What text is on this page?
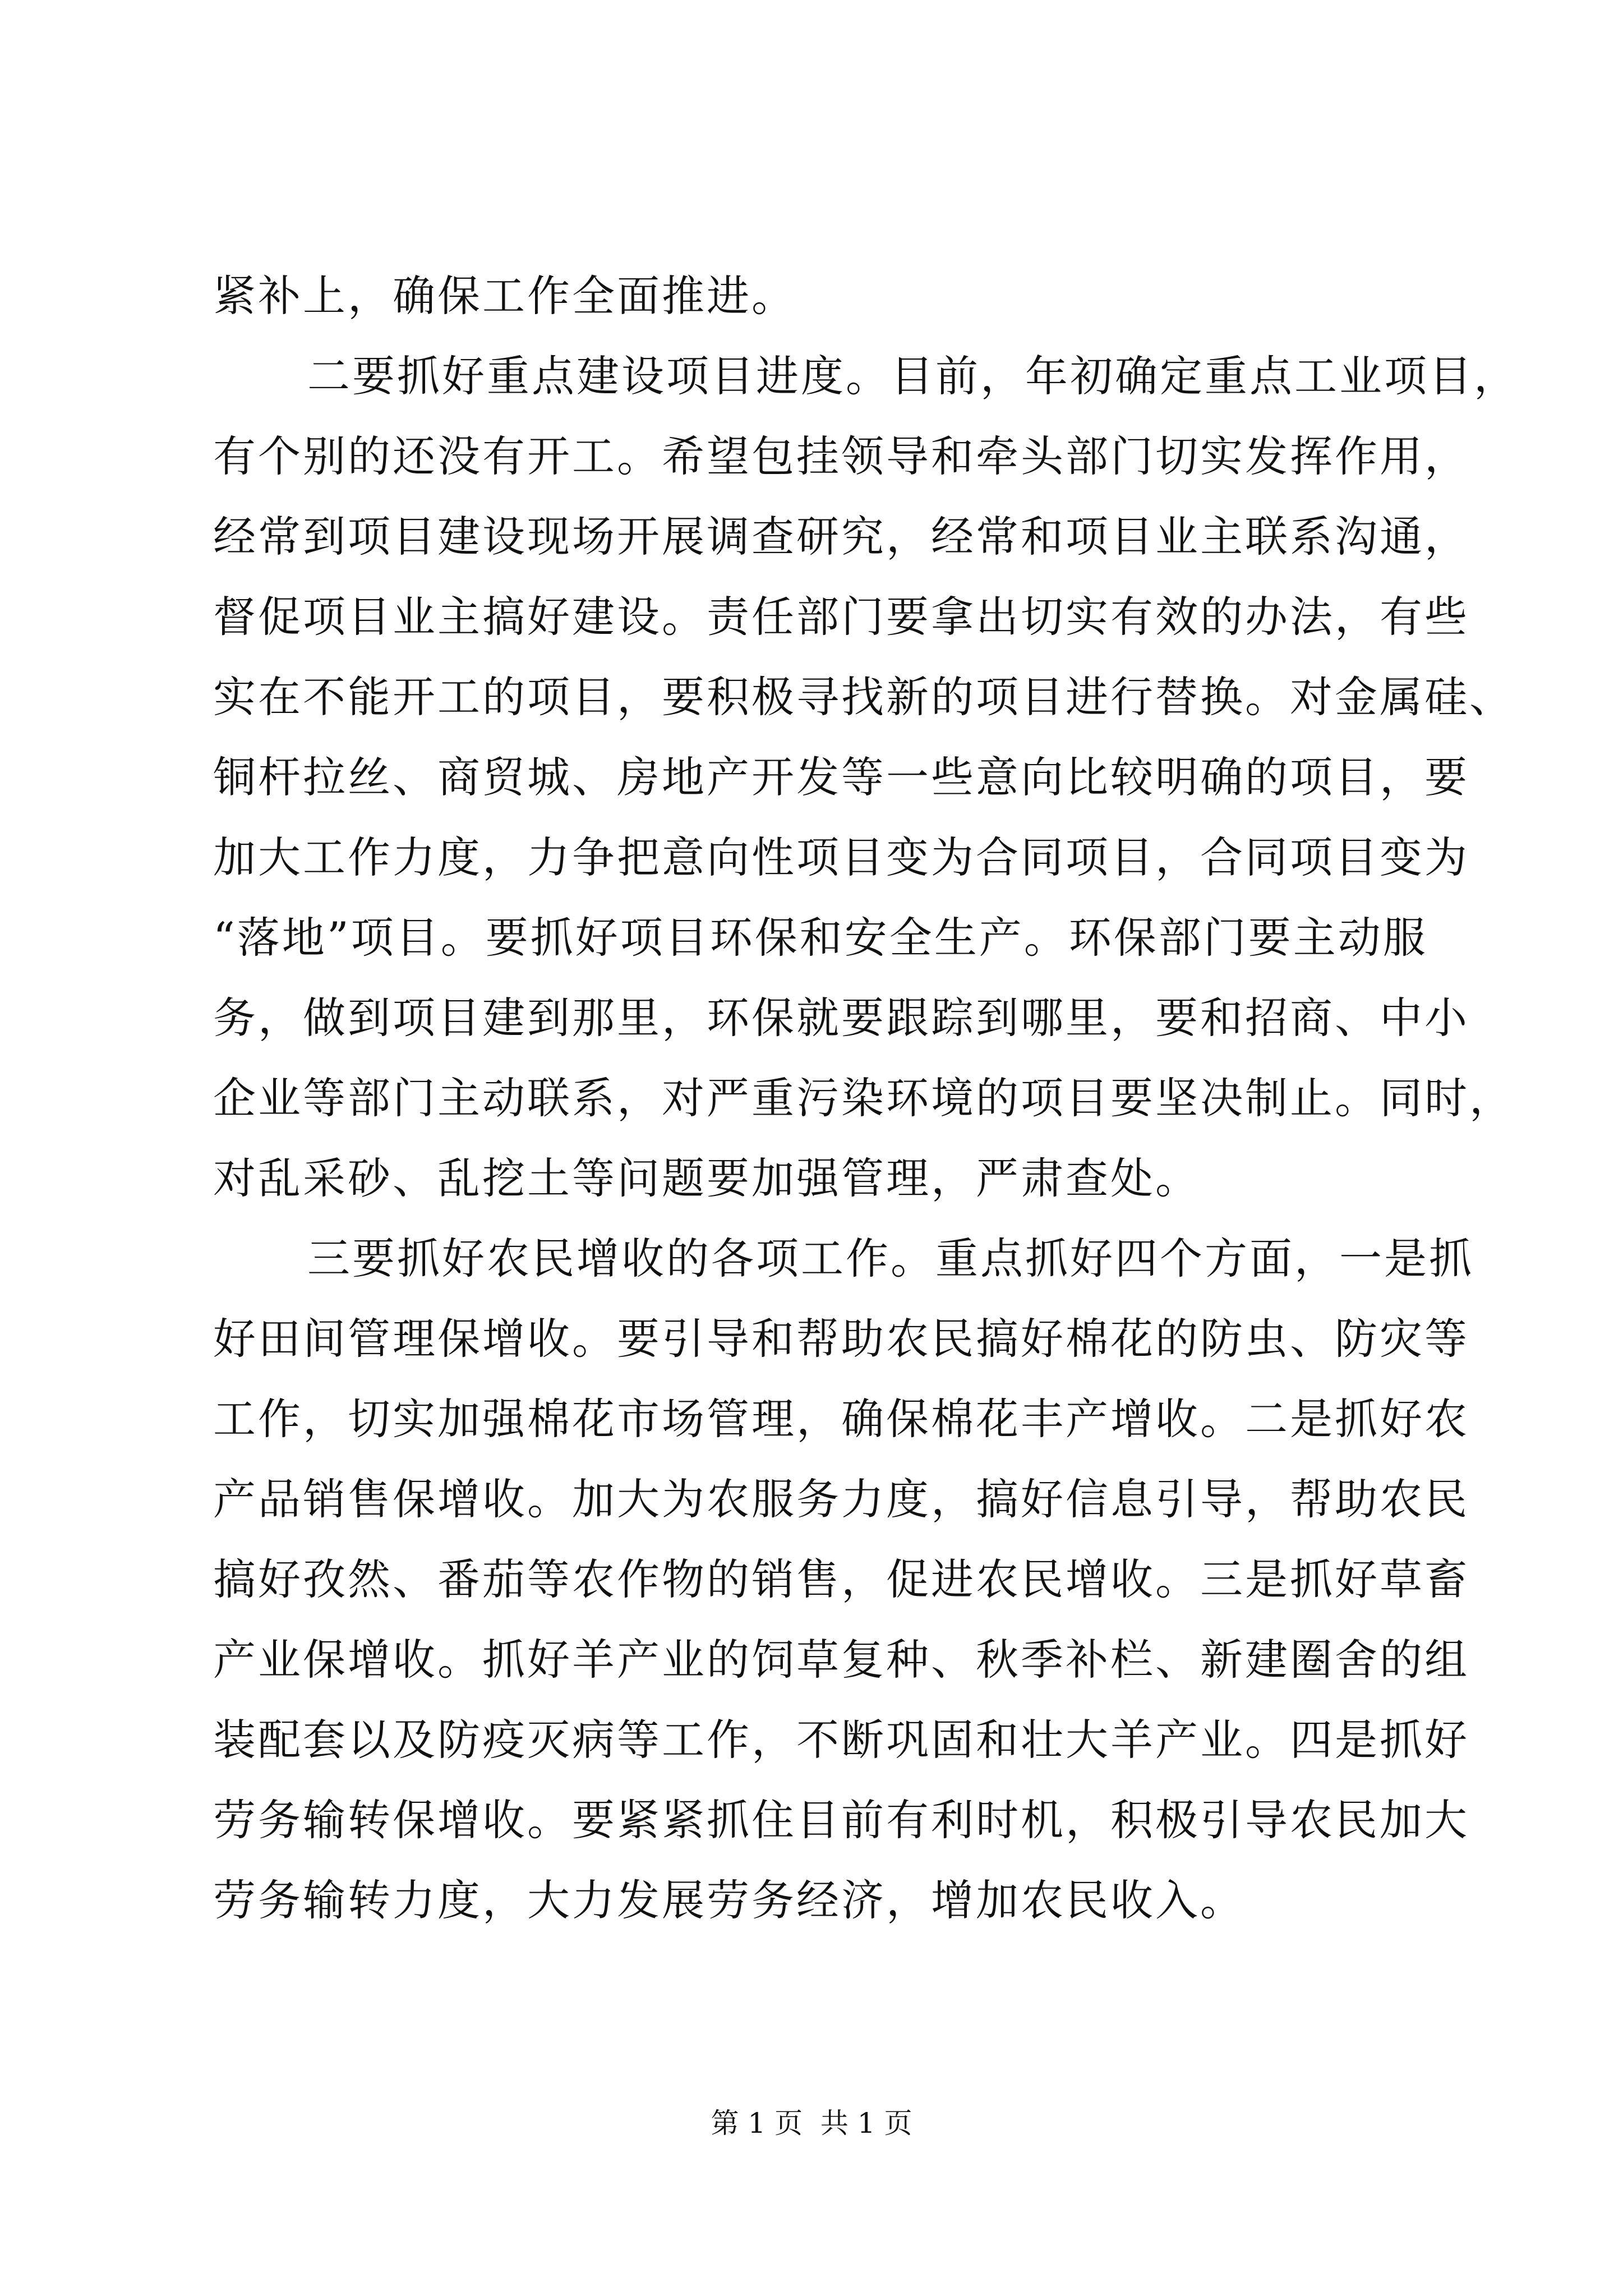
紧补上，确保工作全面推进。
二要抓好重点建设项目进度。目前，年初确定重点工业项目，
有个别的还没有开工。希望包挂领导和牵头部门切实发挥作用，
经常到项目建设现场开展调查研究，经常和项目业主联系沟通，
督促项目业主搞好建设。责任部门要拿出切实有效的办法，有些
实在不能开工的项目，要积极寻找新的项目进行替换。对金属硅、
铜杆拉丝、商贸城、房地产开发等一些意向比较明确的项目，要
加大工作力度，力争把意向性项目变为合同项目，合同项目变为
“落地”项目。要抓好项目环保和安全生产。环保部门要主动服
务，做到项目建到那里，环保就要跟踪到哪里，要和招商、中小
企业等部门主动联系，对严重污染环境的项目要坚决制止。同时，
对乱采砂、乱挖土等问题要加强管理，严肃查处。
三要抓好农民增收的各项工作。重点抓好四个方面，一是抓
好田间管理保增收。要引导和帮助农民搞好棉花的防虫、防灾等
工作，切实加强棉花市场管理，确保棉花丰产增收。二是抓好农
产品销售保增收。加大为农服务力度，搞好信息引导，帮助农民
搞好孜然、番茄等农作物的销售，促进农民增收。三是抓好草畜
产业保增收。抓好羊产业的饲草复种、秋季补栏、新建圈舍的组
装配套以及防疫灭病等工作，不断巩固和壮大羊产业。四是抓好
劳务输转保增收。要紧紧抓住目前有利时机，积极引导农民加大
劳务输转力度，大力发展劳务经济，增加农民收入。
第 1 页  共 1 页
